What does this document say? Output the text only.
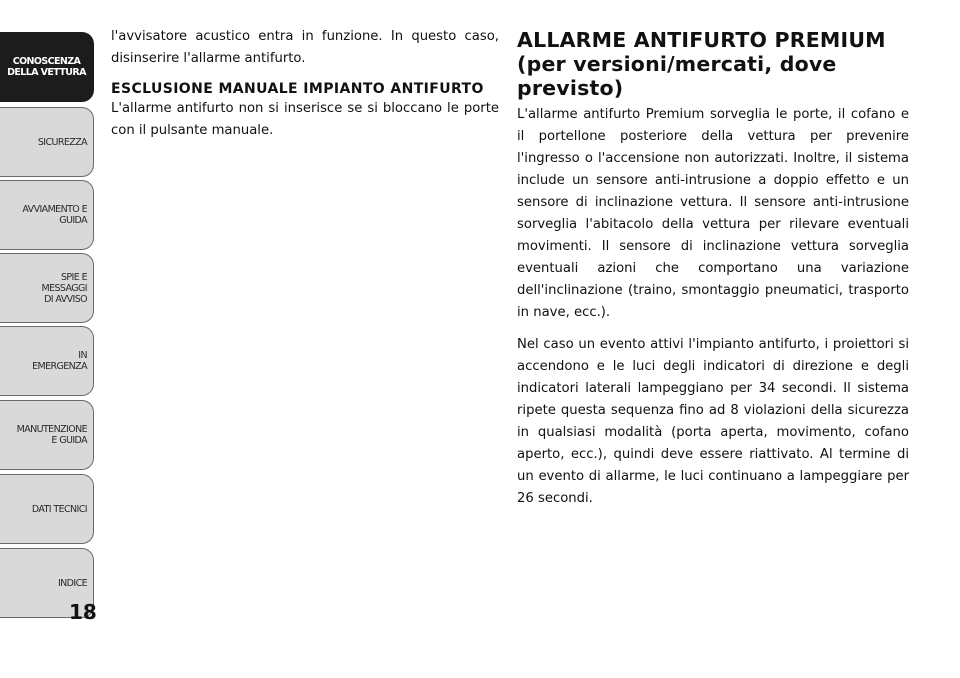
CONOSCENZA
DELLA VETTURA
SICUREZZA
AVVIAMENTO E
GUIDA
SPIE E
MESSAGGI
DI AVVISO
IN
EMERGENZA
MANUTENZIONE
E GUIDA
DATI TECNICI
INDICE
18

l'avvisatore acustico entra in funzione. In questo caso, disinserire l'allarme antifurto.

ESCLUSIONE MANUALE IMPIANTO ANTIFURTO

L'allarme antifurto non si inserisce se si bloccano le porte con il pulsante manuale.

ALLARME ANTIFURTO PREMIUM (per versioni/mercati, dove previsto)

L'allarme antifurto Premium sorveglia le porte, il cofano e il portellone posteriore della vettura per prevenire l'ingresso o l'accensione non autorizzati. Inoltre, il sistema include un sensore anti-intrusione a doppio effetto e un sensore di inclinazione vettura. Il sensore anti-intrusione sorveglia l'abitacolo della vettura per rilevare eventuali movimenti. Il sensore di inclinazione vettura sorveglia eventuali azioni che comportano una variazione dell'inclinazione (traino, smontaggio pneumatici, trasporto in nave, ecc.).

Nel caso un evento attivi l'impianto antifurto, i proiettori si accendono e le luci degli indicatori di direzione e degli indicatori laterali lampeggiano per 34 secondi. Il sistema ripete questa sequenza fino ad 8 violazioni della sicurezza in qualsiasi modalità (porta aperta, movimento, cofano aperto, ecc.), quindi deve essere riattivato. Al termine di un evento di allarme, le luci continuano a lampeggiare per 26 secondi.
